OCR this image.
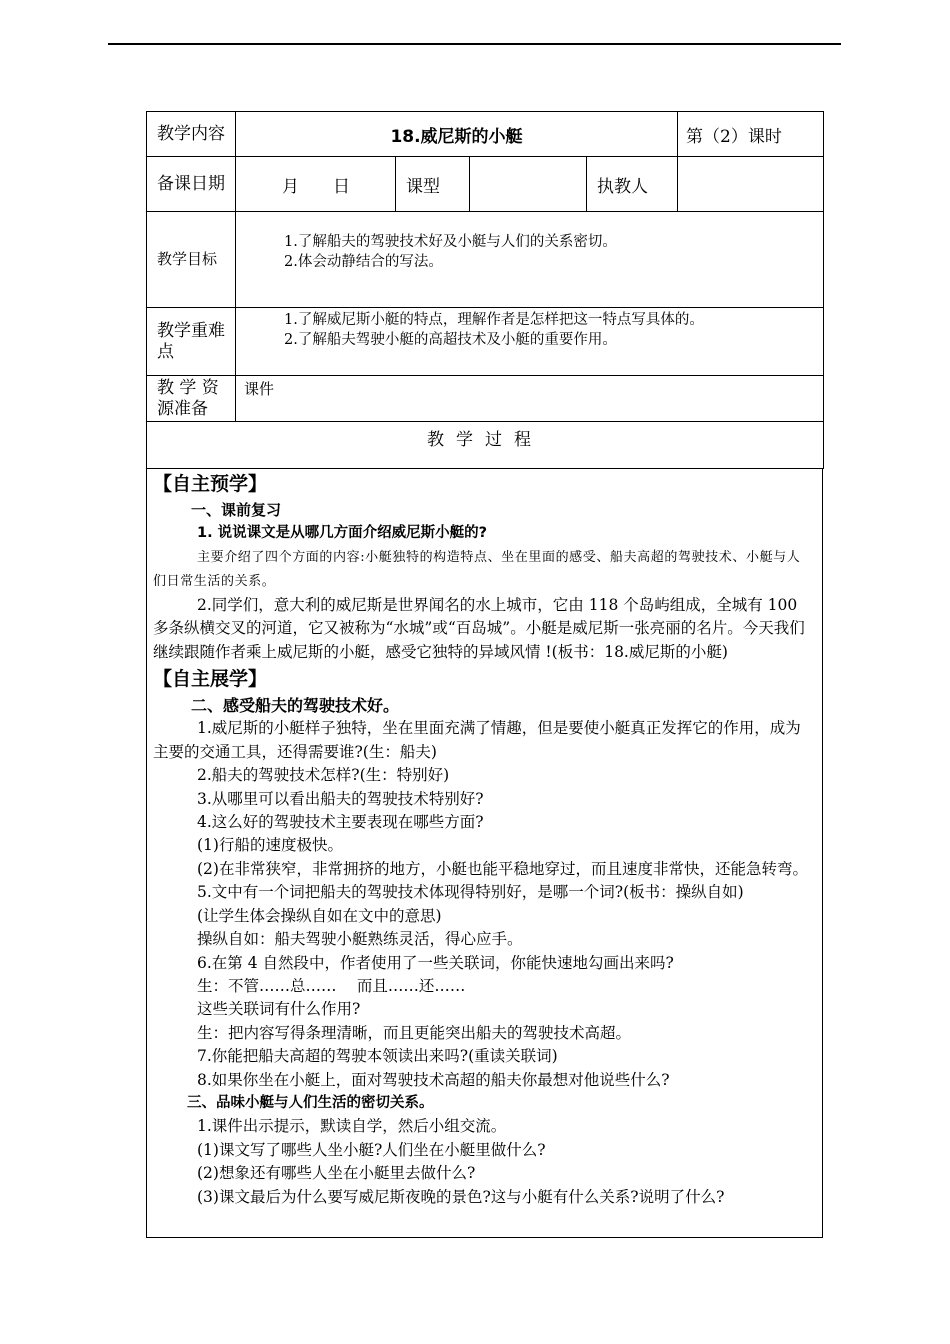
教学内容	18.威尼斯的小艇				第（2）课时
备课日期	月　　日	课型		执教人	
教学目标	1.了解船夫的驾驶技术好及小艇与人们的关系密切。
2.体会动静结合的写法。				

教学重难点	1.了解威尼斯小艇的特点，理解作者是怎样把这一特点写具体的。
2.了解船夫驾驶小艇的高超技术及小艇的重要作用。				

教 学 资源准备	课件				
教学过程					
【自主预学】
一、课前复习
1. 说说课文是从哪几方面介绍威尼斯小艇的?
主要介绍了四个方面的内容:小艇独特的构造特点、坐在里面的感受、船夫高超的驾驶技术、小艇与人们日常生活的关系。
2.同学们，意大利的威尼斯是世界闻名的水上城市，它由 118 个岛屿组成，全城有 100 多条纵横交叉的河道，它又被称为“水城”或“百岛城”。小艇是威尼斯一张亮丽的名片。今天我们继续跟随作者乘上威尼斯的小艇，感受它独特的异域风情 !(板书：18.威尼斯的小艇)
【自主展学】
二、感受船夫的驾驶技术好。
1.威尼斯的小艇样子独特，坐在里面充满了情趣，但是要使小艇真正发挥它的作用，成为主要的交通工具，还得需要谁?(生：船夫)
2.船夫的驾驶技术怎样?(生：特别好)
3.从哪里可以看出船夫的驾驶技术特别好?
4.这么好的驾驶技术主要表现在哪些方面?
(1)行船的速度极快。
(2)在非常狭窄，非常拥挤的地方，小艇也能平稳地穿过，而且速度非常快，还能急转弯。
5.文中有一个词把船夫的驾驶技术体现得特别好，是哪一个词?(板书：操纵自如)
(让学生体会操纵自如在文中的意思)
操纵自如：船夫驾驶小艇熟练灵活，得心应手。
6.在第 4 自然段中，作者使用了一些关联词，你能快速地勾画出来吗?
生：不管……总……　 而且……还……
这些关联词有什么作用?
生：把内容写得条理清晰，而且更能突出船夫的驾驶技术高超。
7.你能把船夫高超的驾驶本领读出来吗?(重读关联词)
8.如果你坐在小艇上，面对驾驶技术高超的船夫你最想对他说些什么?
三、品味小艇与人们生活的密切关系。
1.课件出示提示，默读自学，然后小组交流。
(1)课文写了哪些人坐小艇?人们坐在小艇里做什么?
(2)想象还有哪些人坐在小艇里去做什么?
(3)课文最后为什么要写威尼斯夜晚的景色?这与小艇有什么关系?说明了什么?
